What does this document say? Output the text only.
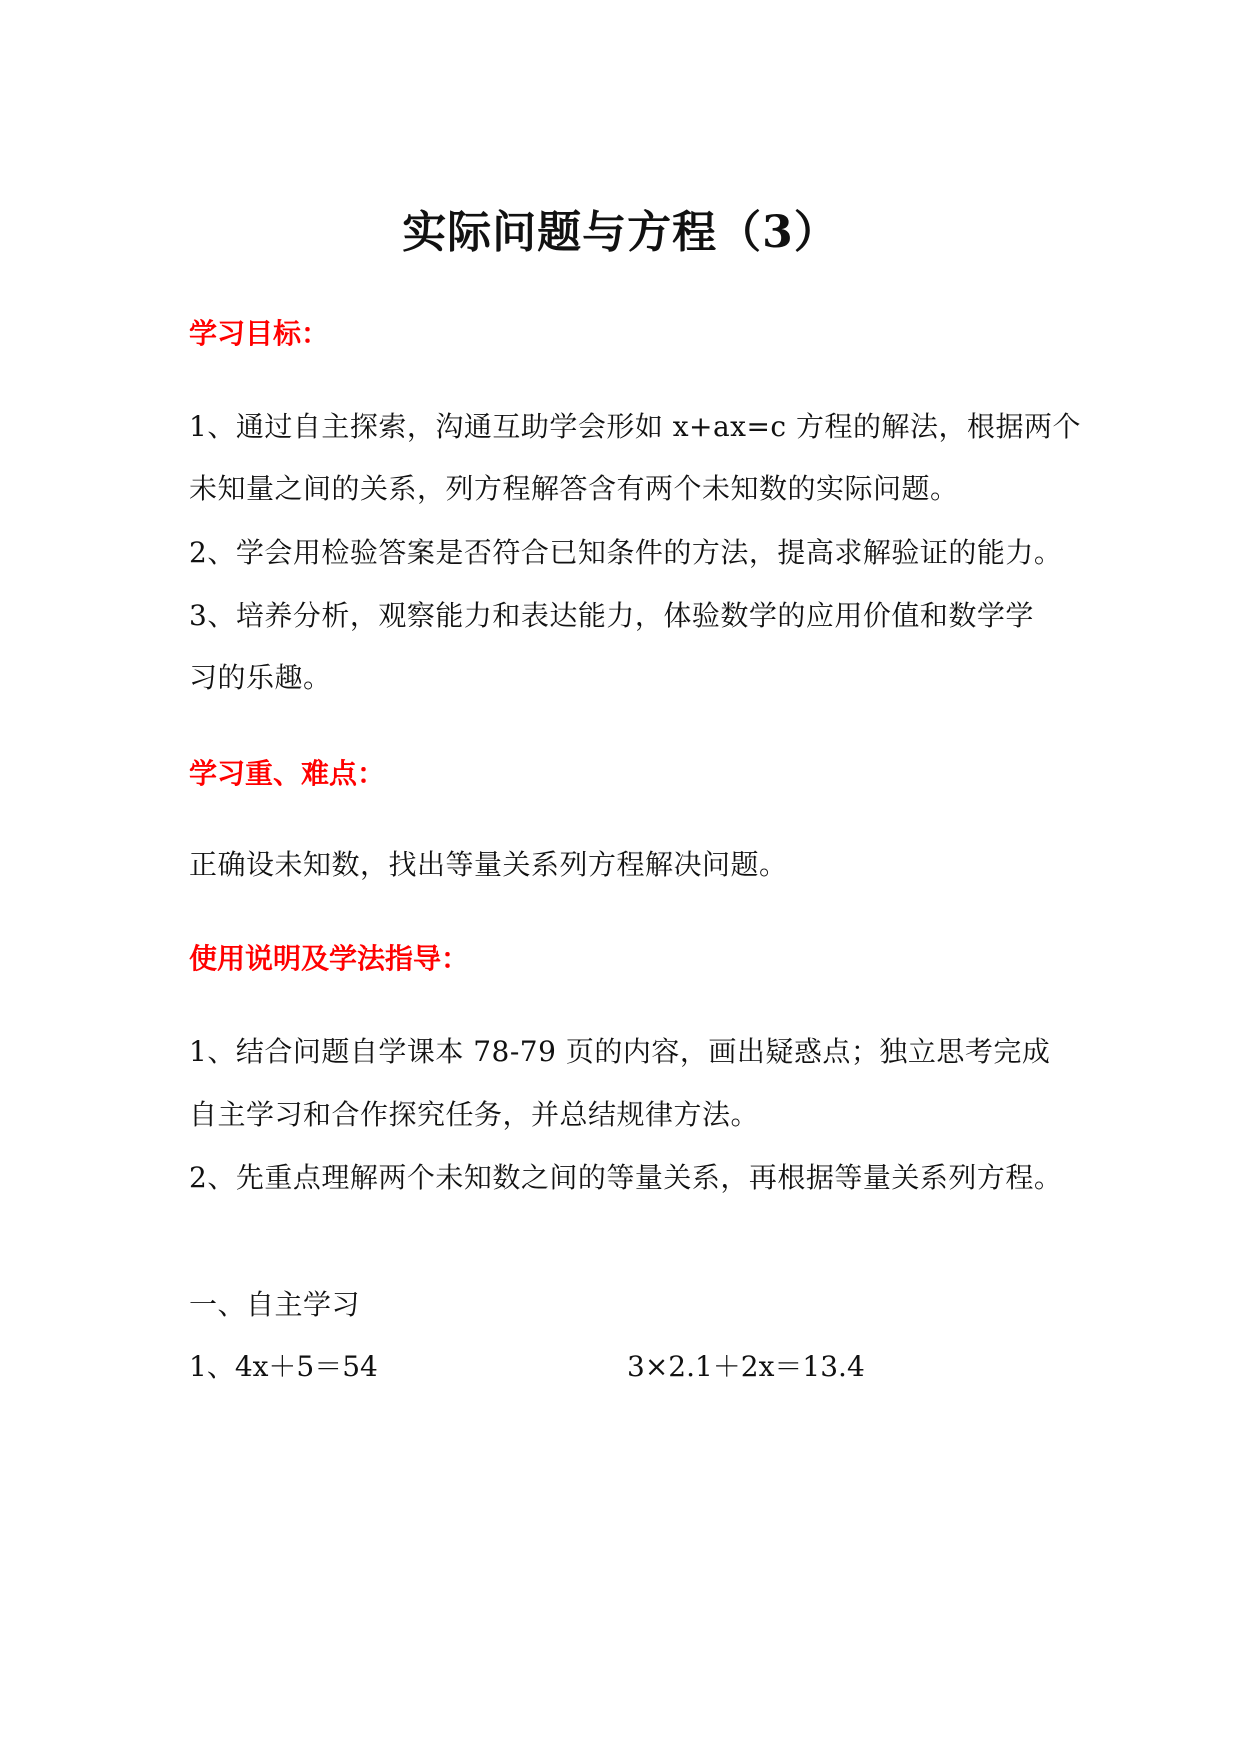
实际问题与方程（3）
学习目标：
1、通过自主探索，沟通互助学会形如 x+ax=c 方程的解法，根据两个
未知量之间的关系，列方程解答含有两个未知数的实际问题。
2、学会用检验答案是否符合已知条件的方法，提高求解验证的能力。
3、培养分析，观察能力和表达能力，体验数学的应用价值和数学学
习的乐趣。
学习重、难点：
正确设未知数，找出等量关系列方程解决问题。
使用说明及学法指导：
1、结合问题自学课本 78-79 页的内容，画出疑惑点；独立思考完成
自主学习和合作探究任务，并总结规律方法。
2、先重点理解两个未知数之间的等量关系，再根据等量关系列方程。
一、自主学习
1、4x＋5＝54	3×2.1＋2x＝13.4
